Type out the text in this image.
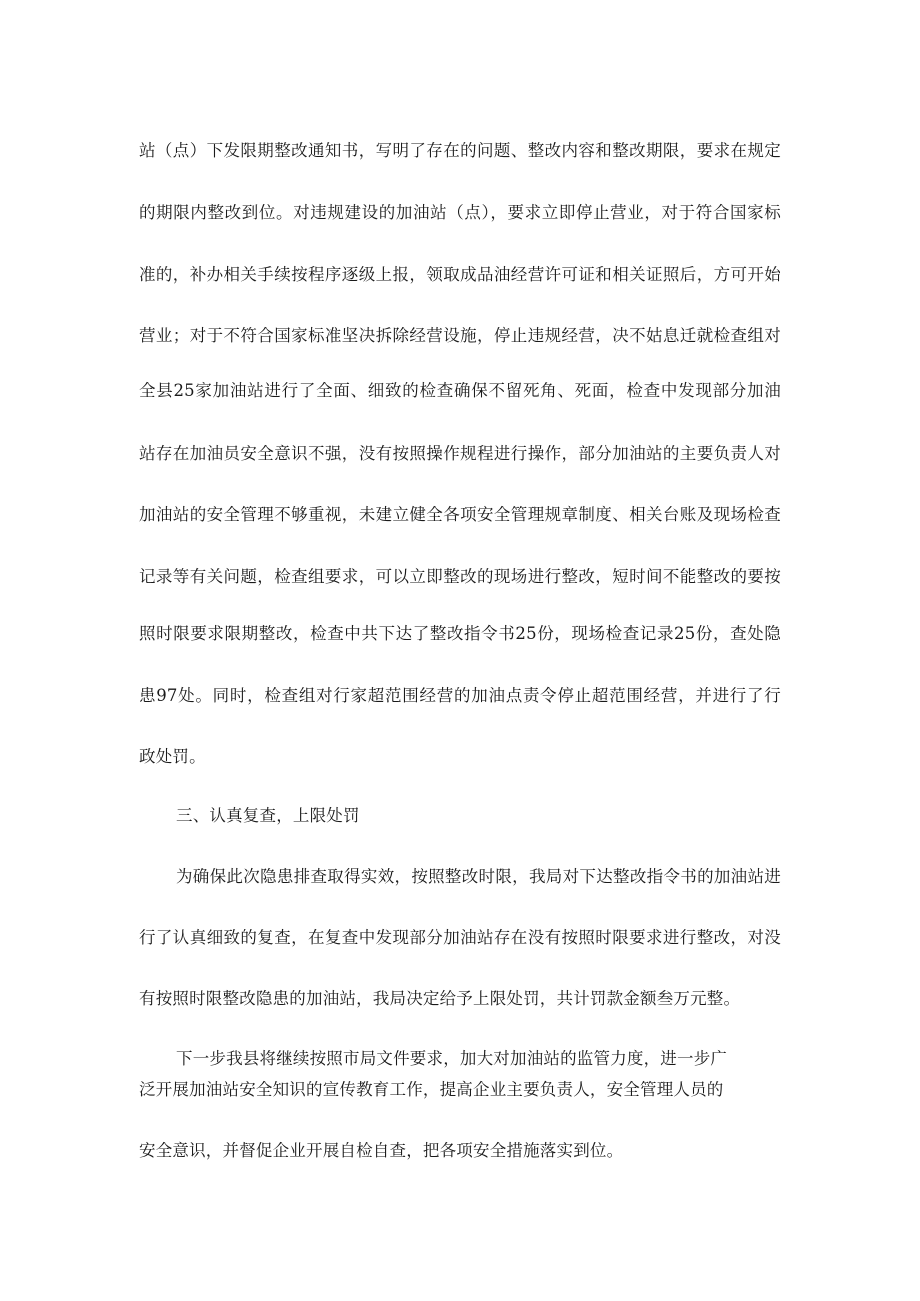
站（点）下发限期整改通知书，写明了存在的问题、整改内容和整改期限，要求在规定
的期限内整改到位。对违规建设的加油站（点），要求立即停止营业，对于符合国家标
准的，补办相关手续按程序逐级上报，领取成品油经营许可证和相关证照后，方可开始
营业；对于不符合国家标准坚决拆除经营设施，停止违规经营，决不姑息迁就检查组对
全县25家加油站进行了全面、细致的检查确保不留死角、死面，检查中发现部分加油
站存在加油员安全意识不强，没有按照操作规程进行操作，部分加油站的主要负责人对
加油站的安全管理不够重视，未建立健全各项安全管理规章制度、相关台账及现场检查
记录等有关问题，检查组要求，可以立即整改的现场进行整改，短时间不能整改的要按
照时限要求限期整改，检查中共下达了整改指令书25份，现场检查记录25份，查处隐
患97处。同时，检查组对行家超范围经营的加油点责令停止超范围经营，并进行了行
政处罚。
三、认真复查，上限处罚
为确保此次隐患排查取得实效，按照整改时限，我局对下达整改指令书的加油站进
行了认真细致的复查，在复查中发现部分加油站存在没有按照时限要求进行整改，对没
有按照时限整改隐患的加油站，我局决定给予上限处罚，共计罚款金额叁万元整。
下一步我县将继续按照市局文件要求，加大对加油站的监管力度，进一步广
泛开展加油站安全知识的宣传教育工作，提高企业主要负责人，安全管理人员的
安全意识，并督促企业开展自检自查，把各项安全措施落实到位。
